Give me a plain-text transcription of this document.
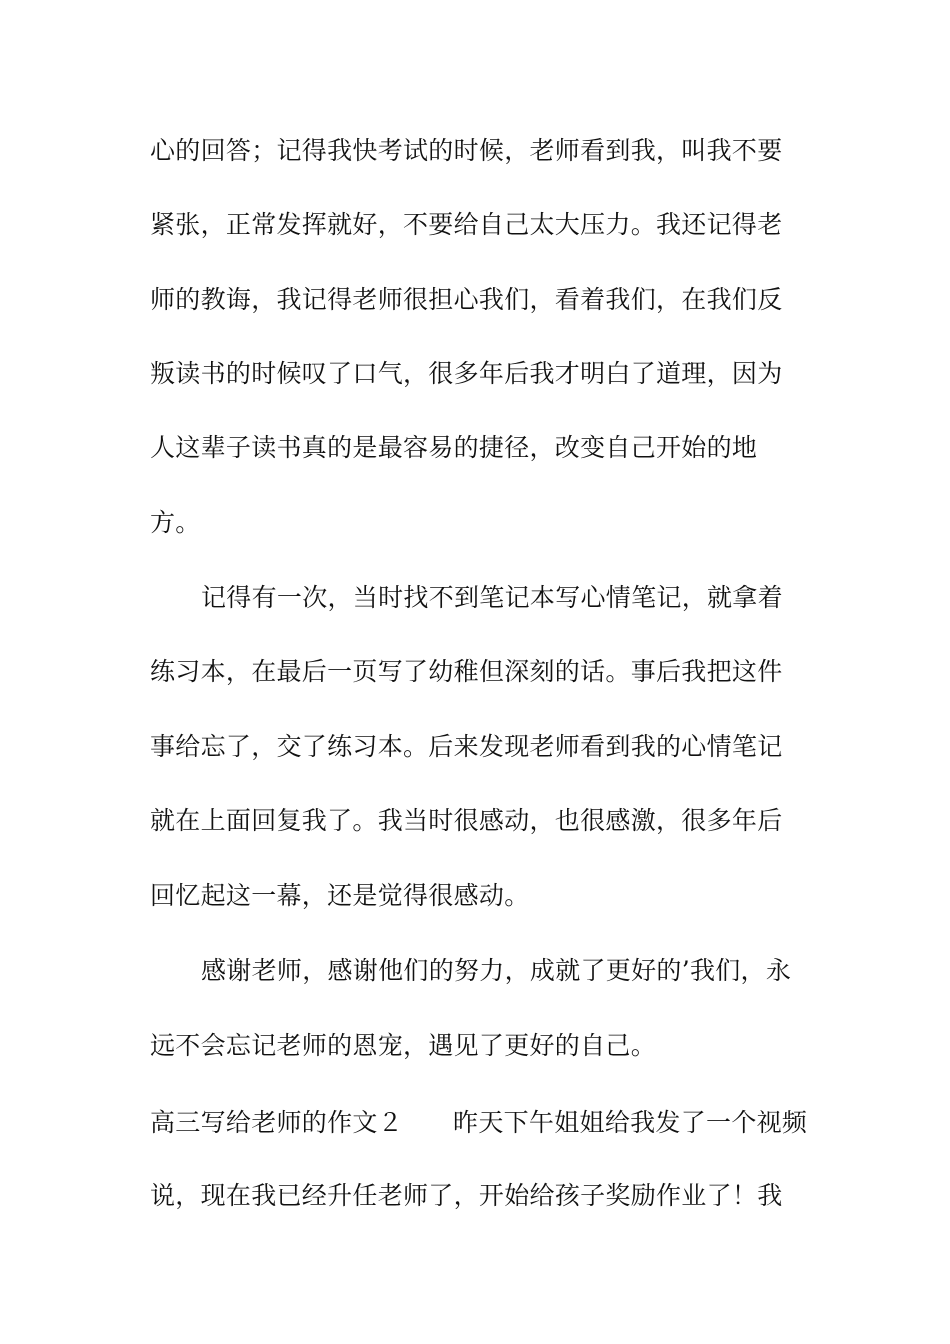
心的回答；记得我快考试的时候，老师看到我，叫我不要

紧张，正常发挥就好，不要给自己太大压力。我还记得老

师的教诲，我记得老师很担心我们，看着我们，在我们反

叛读书的时候叹了口气，很多年后我才明白了道理，因为

人这辈子读书真的是最容易的捷径，改变自己开始的地

方。

记得有一次，当时找不到笔记本写心情笔记，就拿着

练习本，在最后一页写了幼稚但深刻的话。事后我把这件

事给忘了，交了练习本。后来发现老师看到我的心情笔记

就在上面回复我了。我当时很感动，也很感激，很多年后

回忆起这一幕，还是觉得很感动。

感谢老师，感谢他们的努力，成就了更好的’我们，永

远不会忘记老师的恩宠，遇见了更好的自己。

高三写给老师的作文２ 昨天下午姐姐给我发了一个视频

说，现在我已经升任老师了，开始给孩子奖励作业了！我
